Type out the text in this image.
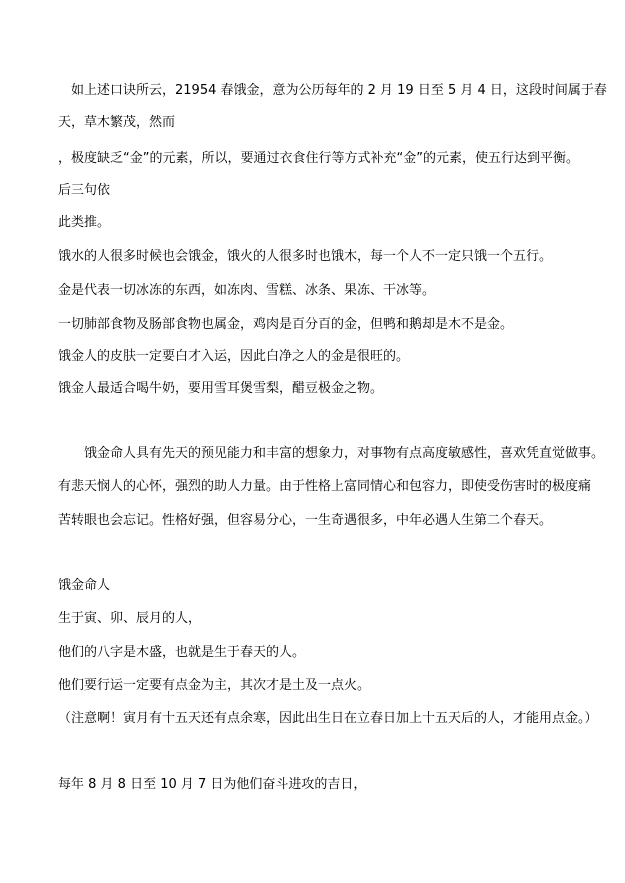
　如上述口诀所云，21954 春饿金，意为公历每年的 2 月 19 日至 5 月 4 日，这段时间属于春
天，草木繁茂，然而
，极度缺乏“金”的元素，所以，要通过衣食住行等方式补充“金”的元素，使五行达到平衡。
后三句依
此类推。
饿水的人很多时候也会饿金，饿火的人很多时也饿木，每一个人不一定只饿一个五行。
金是代表一切冰冻的东西，如冻肉、雪糕、冰条、果冻、干冰等。
一切肺部食物及肠部食物也属金，鸡肉是百分百的金，但鸭和鹅却是木不是金。
饿金人的皮肤一定要白才入运，因此白净之人的金是很旺的。
饿金人最适合喝牛奶，要用雪耳煲雪梨，醋豆极金之物。
　　饿金命人具有先天的预见能力和丰富的想象力，对事物有点高度敏感性，喜欢凭直觉做事。
有悲天悯人的心怀，强烈的助人力量。由于性格上富同情心和包容力，即使受伤害时的极度痛
苦转眼也会忘记。性格好强，但容易分心，一生奇遇很多，中年必遇人生第二个春天。
饿金命人
生于寅、卯、辰月的人，
他们的八字是木盛，也就是生于春天的人。
他们要行运一定要有点金为主，其次才是土及一点火。
（注意啊！寅月有十五天还有点余寒，因此出生日在立春日加上十五天后的人，才能用点金。）
每年 8 月 8 日至 10 月 7 日为他们奋斗进攻的吉日，
